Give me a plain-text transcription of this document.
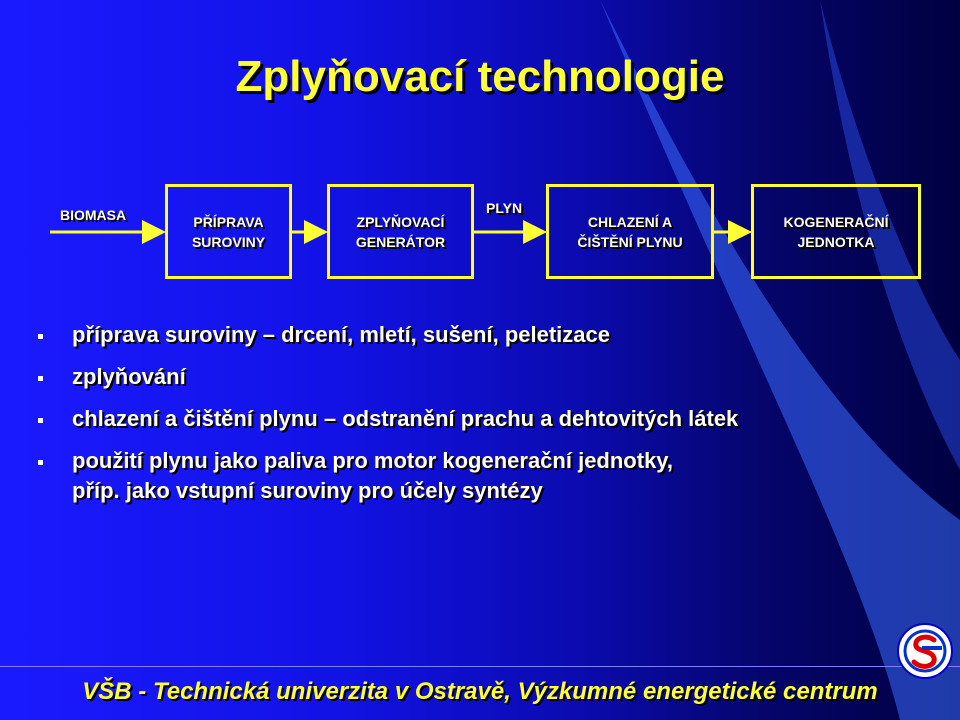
Zplyňovací technologie
BIOMASA	PLYN
PŘÍPRAVA
SUROVINY
ZPLYŇOVACÍ
GENERÁTOR
CHLAZENÍ A
ČIŠTĚNÍ PLYNU
KOGENERAČNÍ
JEDNOTKA
příprava suroviny – drcení, mletí, sušení, peletizace
zplyňování
chlazení a čištění plynu – odstranění prachu a dehtovitých látek
použití plynu jako paliva pro motor kogenerační jednotky,
příp. jako vstupní suroviny pro účely syntézy
VŠB - Technická univerzita v Ostravě, Výzkumné energetické centrum
